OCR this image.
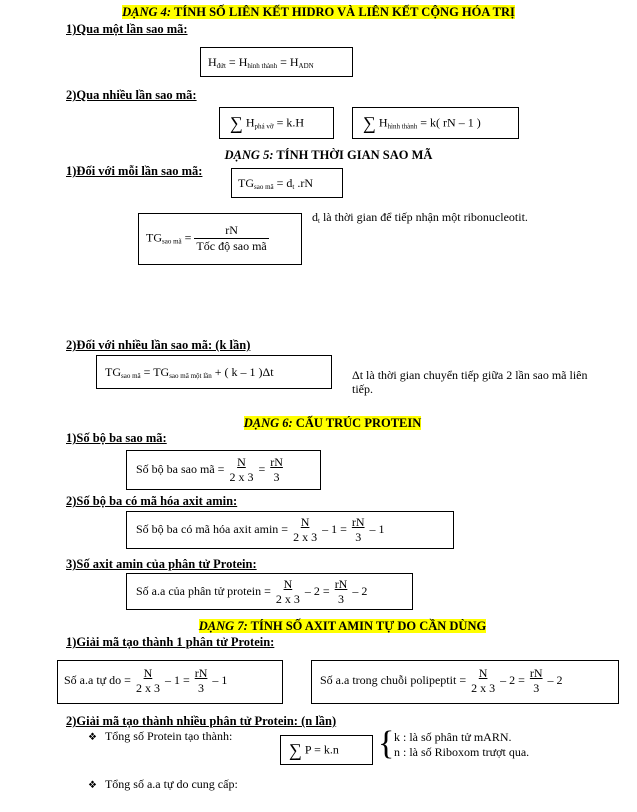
DẠNG 4: TÍNH SỐ LIÊN KẾT HIDRO VÀ LIÊN KẾT CỘNG HÓA TRỊ
1)Qua một lần sao mã:
$H_{đứt} = H_{hình thành} = H_{ADN}$
2)Qua nhiều lần sao mã:
∑ $H_{phá vỡ} = k.H$	∑ $H_{hình thành} = k$( rN – 1 )
DẠNG 5: TÍNH THỜI GIAN SAO MÃ
1)Đối với mỗi lần sao mã:
$TG_{sao mã} = d_t$ .rN
$TG_{sao mã} = \frac{rN}{\text{Tốc độ sao mã}}$
$d_t$ là thời gian để tiếp nhận một ribonucleotit.
2)Đối với nhiều lần sao mã: (k lần)
$TG_{sao mã} = TG_{sao mã một lần}$ + ( k – 1 )Δt	Δt là thời gian chuyển tiếp giữa 2 lần sao mã liên tiếp.
DẠNG 6: CẤU TRÚC PROTEIN
1)Số bộ ba sao mã:
Số bộ ba sao mã = $\frac{N}{2 x 3} = \frac{rN}{3}$
2)Số bộ ba có mã hóa axit amin:
Số bộ ba có mã hóa axit $amin = \frac{N}{2 x 3} - 1 = \frac{rN}{3} - 1$
3)Số axit amin của phân tử Protein:
Số a.a của phân tử protein = $\frac{N}{2 x 3} - 2 = \frac{rN}{3} - 2$
DẠNG 7: TÍNH SỐ AXIT AMIN TỰ DO CẦN DÙNG
1)Giải mã tạo thành 1 phân tử Protein:
Số a.a tự do = $\frac{N}{2 x 3} - 1 = \frac{rN}{3} - 1$	Số a.a trong chuỗi polipeptit = $\frac{N}{2 x 3} - 2 = \frac{rN}{3} - 2$
2)Giải mã tạo thành nhiều phân tử Protein: (n lần)
❖ Tổng số Protein tạo thành:
∑ P = k.n { k : là số phân tử mARN.
n : là số Riboxom trượt qua.
❖ Tổng số a.a tự do cung cấp:
